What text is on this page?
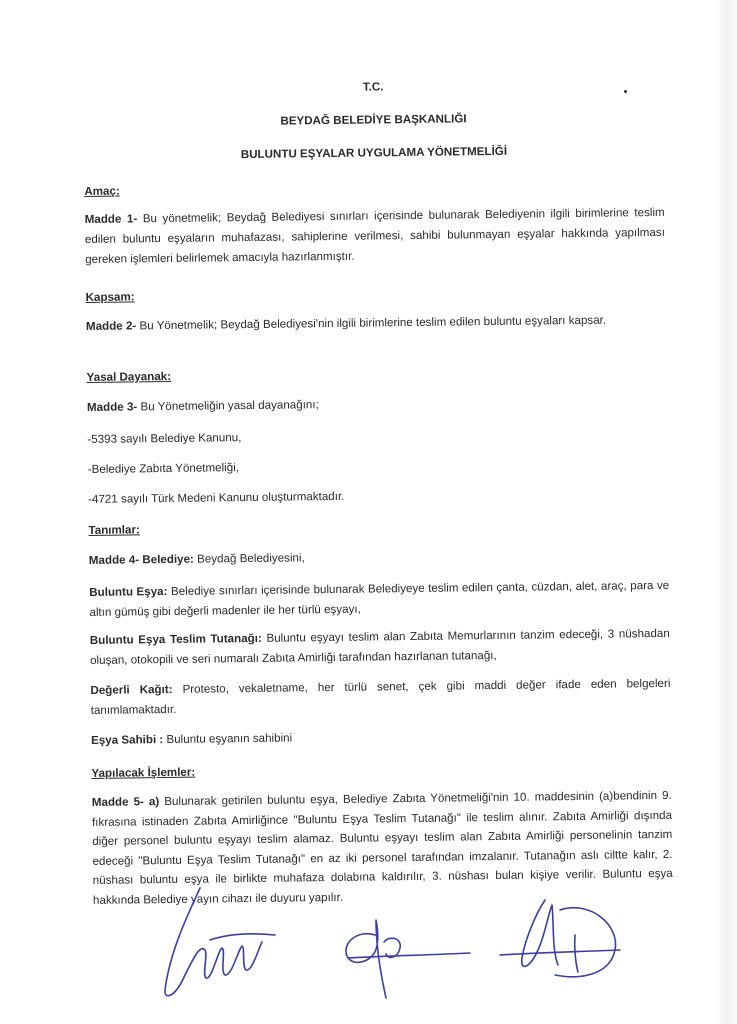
T.C.
BEYDAĞ BELEDİYE BAŞKANLIĞI
BULUNTU EŞYALAR UYGULAMA YÖNETMELİĞİ
Amaç:
Madde 1- Bu yönetmelik; Beydağ Belediyesi sınırları içerisinde bulunarak Belediyenin ilgili birimlerine teslim edilen buluntu eşyaların muhafazası, sahiplerine verilmesi, sahibi bulunmayan eşyalar hakkında yapılması gereken işlemleri belirlemek amacıyla hazırlanmıştır.
Kapsam:
Madde 2- Bu Yönetmelik; Beydağ Belediyesi'nin ilgili birimlerine teslim edilen buluntu eşyaları kapsar.
Yasal Dayanak:
Madde 3- Bu Yönetmeliğin yasal dayanağını;
-5393 sayılı Belediye Kanunu,
-Belediye Zabıta Yönetmeliği,
-4721 sayılı Türk Medeni Kanunu oluşturmaktadır.
Tanımlar:
Madde 4- Belediye: Beydağ Belediyesini,
Buluntu Eşya: Belediye sınırları içerisinde bulunarak Belediyeye teslim edilen çanta, cüzdan, alet, araç, para ve altın gümüş gibi değerli madenler ile her türlü eşyayı,
Buluntu Eşya Teslim Tutanağı: Buluntu eşyayı teslim alan Zabıta Memurlarının tanzim edeceği, 3 nüshadan oluşan, otokopili ve seri numaralı Zabıta Amirliği tarafından hazırlanan tutanağı,
Değerli Kağıt: Protesto, vekaletname, her türlü senet, çek gibi maddi değer ifade eden belgeleri tanımlamaktadır.
Eşya Sahibi : Buluntu eşyanın sahibini
Yapılacak İşlemler:
Madde 5- a) Bulunarak getirilen buluntu eşya, Belediye Zabıta Yönetmeliği'nin 10. maddesinin (a)bendinin 9. fıkrasına istinaden Zabıta Amirliğince "Buluntu Eşya Teslim Tutanağı" ile teslim alınır. Zabıta Amirliği dışında diğer personel buluntu eşyayı teslim alamaz. Buluntu eşyayı teslim alan Zabıta Amirliği personelinin tanzim edeceği "Buluntu Eşya Teslim Tutanağı" en az iki personel tarafından imzalanır. Tutanağın aslı ciltte kalır, 2. nüshası buluntu eşya ile birlikte muhafaza dolabına kaldırılır, 3. nüshası bulan kişiye verilir. Buluntu eşya hakkında Belediye yayın cihazı ile duyuru yapılır.
